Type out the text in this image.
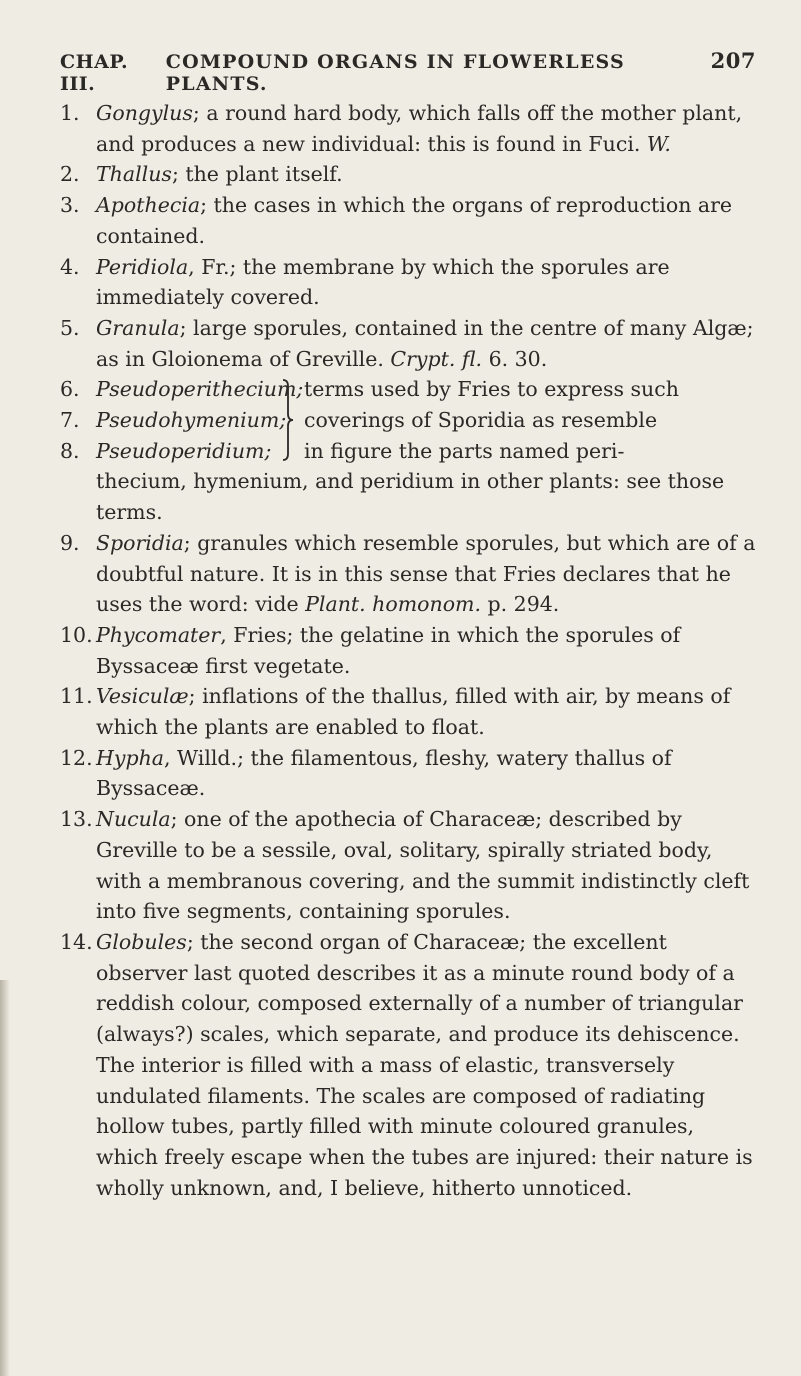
CHAP. III.
COMPOUND ORGANS IN FLOWERLESS PLANTS.
207
1. Gongylus; a round hard body, which falls off the mother plant, and produces a new individual: this is found in Fuci. W.
2. Thallus; the plant itself.
3. Apothecia; the cases in which the organs of reproduction are contained.
4. Peridiola, Fr.; the membrane by which the sporules are immediately covered.
5. Granula; large sporules, contained in the centre of many Algæ; as in Gloionema of Greville. Crypt. fl. 6. 30.
6. Pseudoperithecium;
7. Pseudohymenium;
8. Pseudoperidium;
terms used by Fries to express such
coverings of Sporidia as resemble
in figure the parts named peri-
thecium, hymenium, and peridium in other plants: see those terms.
9. Sporidia; granules which resemble sporules, but which are of a doubtful nature. It is in this sense that Fries declares that he uses the word: vide Plant. homonom. p. 294.
10. Phycomater, Fries; the gelatine in which the sporules of Byssaceæ first vegetate.
11. Vesiculæ; inflations of the thallus, filled with air, by means of which the plants are enabled to float.
12. Hypha, Willd.; the filamentous, fleshy, watery thallus of Byssaceæ.
13. Nucula; one of the apothecia of Characeæ; described by Greville to be a sessile, oval, solitary, spirally striated body, with a membranous covering, and the summit indistinctly cleft into five segments, containing sporules.
14. Globules; the second organ of Characeæ; the excellent observer last quoted describes it as a minute round body of a reddish colour, composed externally of a number of triangular (always?) scales, which separate, and produce its dehiscence. The interior is filled with a mass of elastic, transversely undulated filaments. The scales are composed of radiating hollow tubes, partly filled with minute coloured granules, which freely escape when the tubes are injured: their nature is wholly unknown, and, I believe, hitherto unnoticed.
